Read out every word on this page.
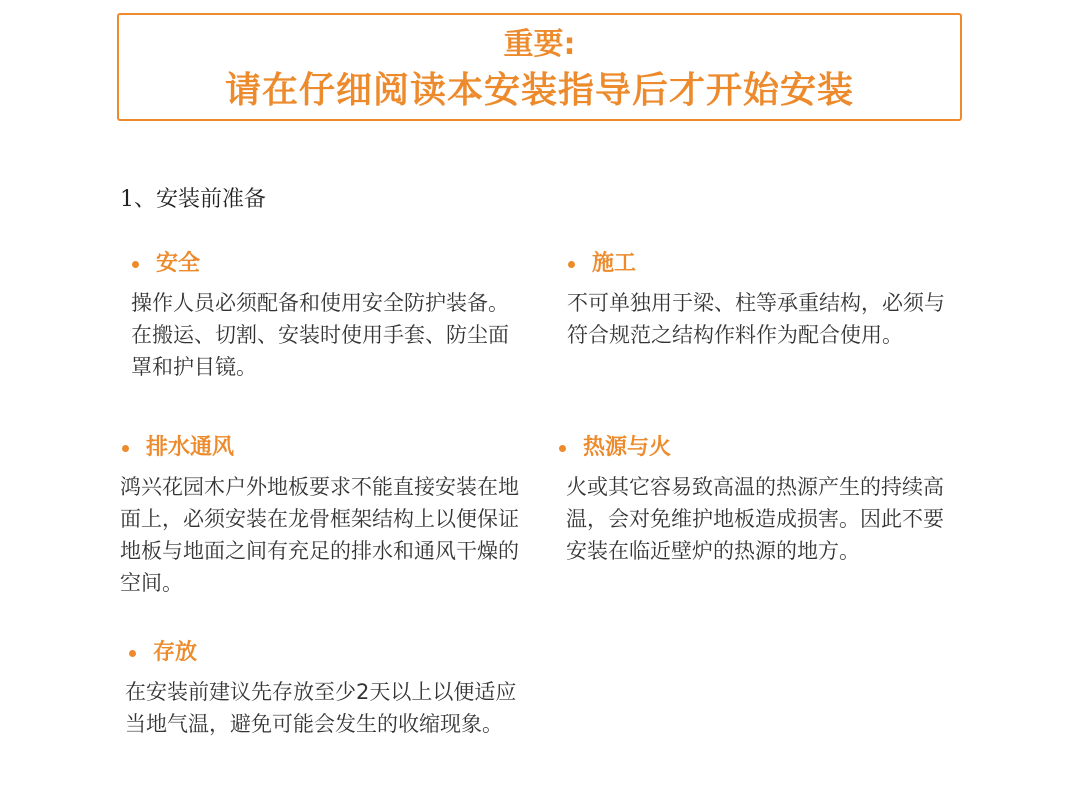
重要:
请在仔细阅读本安装指导后才开始安装
1、安装前准备
安全
操作人员必须配备和使用安全防护装备。在搬运、切割、安装时使用手套、防尘面罩和护目镜。
施工
不可单独用于梁、柱等承重结构，必须与符合规范之结构作料作为配合使用。
排水通风
鸿兴花园木户外地板要求不能直接安装在地面上，必须安装在龙骨框架结构上以便保证地板与地面之间有充足的排水和通风干燥的空间。
热源与火
火或其它容易致高温的热源产生的持续高温，会对免维护地板造成损害。因此不要安装在临近壁炉的热源的地方。
存放
在安装前建议先存放至少2天以上以便适应当地气温，避免可能会发生的收缩现象。
